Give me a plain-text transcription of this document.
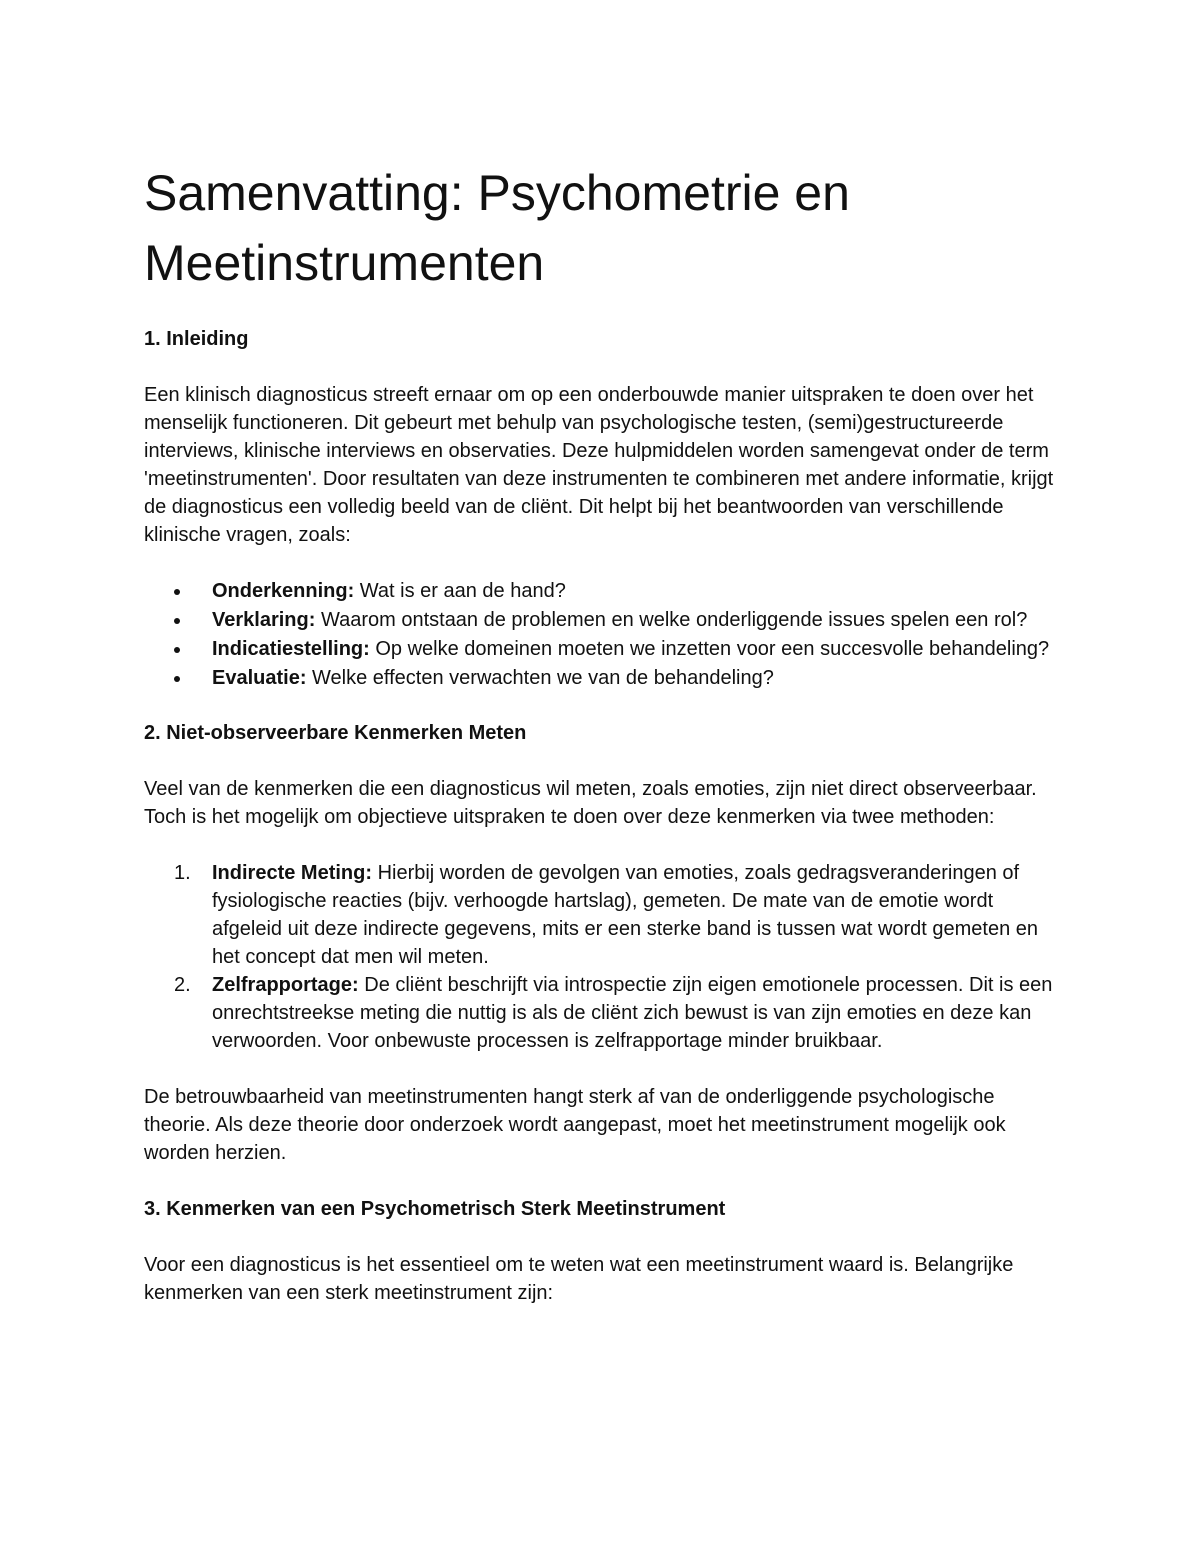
Samenvatting: Psychometrie en
Meetinstrumenten
1. Inleiding

Een klinisch diagnosticus streeft ernaar om op een onderbouwde manier uitspraken te doen over het menselijk functioneren. Dit gebeurt met behulp van psychologische testen, (semi)gestructureerde interviews, klinische interviews en observaties. Deze hulpmiddelen worden samengevat onder de term 'meetinstrumenten'. Door resultaten van deze instrumenten te combineren met andere informatie, krijgt de diagnosticus een volledig beeld van de cliënt. Dit helpt bij het beantwoorden van verschillende klinische vragen, zoals:

Onderkenning: Wat is er aan de hand?
Verklaring: Waarom ontstaan de problemen en welke onderliggende issues spelen een rol?
Indicatiestelling: Op welke domeinen moeten we inzetten voor een succesvolle behandeling?
Evaluatie: Welke effecten verwachten we van de behandeling?
2. Niet-observeerbare Kenmerken Meten

Veel van de kenmerken die een diagnosticus wil meten, zoals emoties, zijn niet direct observeerbaar. Toch is het mogelijk om objectieve uitspraken te doen over deze kenmerken via twee methoden:

1. Indirecte Meting: Hierbij worden de gevolgen van emoties, zoals gedragsveranderingen of fysiologische reacties (bijv. verhoogde hartslag), gemeten. De mate van de emotie wordt afgeleid uit deze indirecte gegevens, mits er een sterke band is tussen wat wordt gemeten en het concept dat men wil meten.
2. Zelfrapportage: De cliënt beschrijft via introspectie zijn eigen emotionele processen. Dit is een onrechtstreekse meting die nuttig is als de cliënt zich bewust is van zijn emoties en deze kan verwoorden. Voor onbewuste processen is zelfrapportage minder bruikbaar.

De betrouwbaarheid van meetinstrumenten hangt sterk af van de onderliggende psychologische theorie. Als deze theorie door onderzoek wordt aangepast, moet het meetinstrument mogelijk ook worden herzien.

3. Kenmerken van een Psychometrisch Sterk Meetinstrument

Voor een diagnosticus is het essentieel om te weten wat een meetinstrument waard is. Belangrijke kenmerken van een sterk meetinstrument zijn:
